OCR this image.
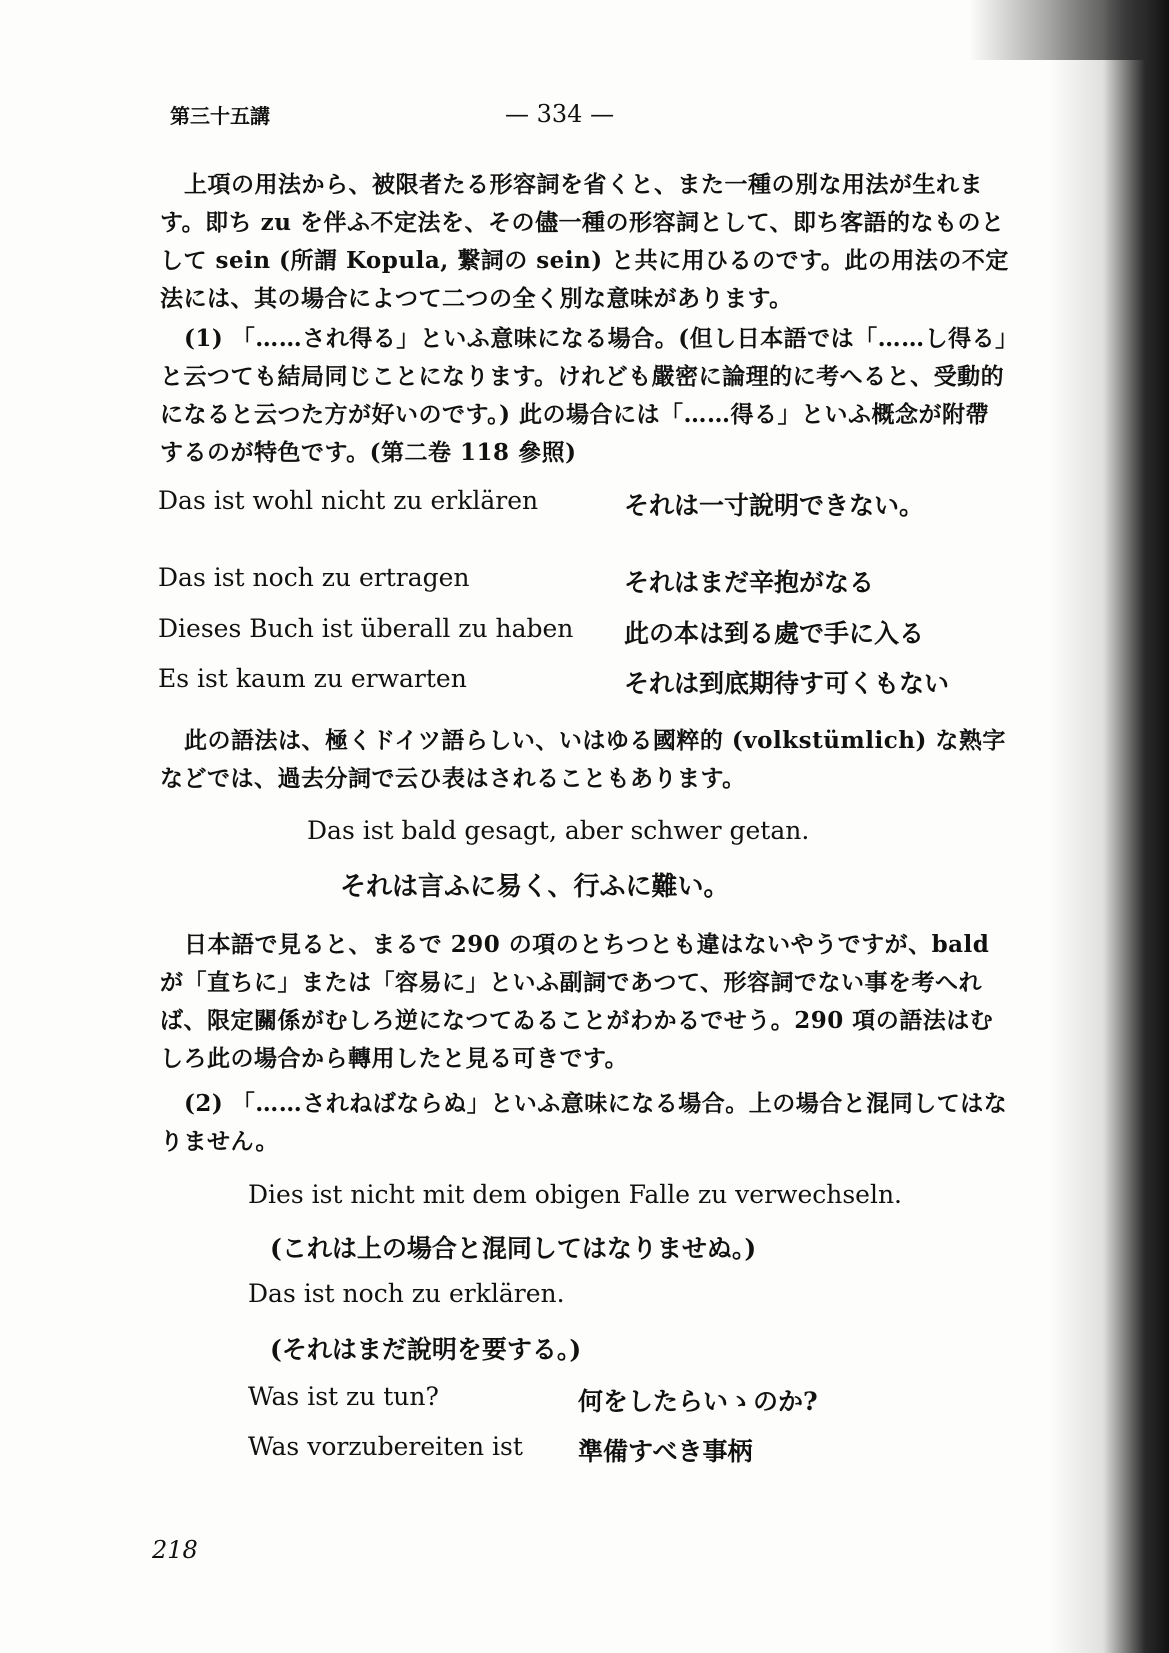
第三十五講	— 334 —
上項の用法から、被限者たる形容詞を省くと、また一種の別な用法が生れます。即ち zu を伴ふ不定法を、その儘一種の形容詞として、即ち客語的なものとして sein (所謂 Kopula, 繋詞の sein) と共に用ひるのです。此の用法の不定法には、其の場合によつて二つの全く別な意味があります。
(1) 「……され得る」といふ意味になる場合。(但し日本語では「……し得る」と云つても結局同じことになります。けれども嚴密に論理的に考へると、受動的になると云つた方が好いのです。) 此の場合には「……得る」といふ概念が附帶するのが特色です。(第二卷 118 參照)
Das ist wohl nicht zu erklären	それは一寸說明できない。
Das ist noch zu ertragen	それはまだ辛抱がなる
Dieses Buch ist überall zu haben 此の本は到る處で手に入る
Es ist kaum zu erwarten	それは到底期待す可くもない
此の語法は、極くドイツ語らしい、いはゆる國粹的 (volkstümlich) な熟字などでは、過去分詞で云ひ表はされることもあります。
Das ist bald gesagt, aber schwer getan.
それは言ふに易く、行ふに難い。
日本語で見ると、まるで 290 の項のとちつとも違はないやうですが、bald が「直ちに」または「容易に」といふ副詞であつて、形容詞でない事を考へれば、限定關係がむしろ逆になつてゐることがわかるでせう。290 項の語法はむしろ此の場合から轉用したと見る可きです。
(2) 「……されねばならぬ」といふ意味になる場合。上の場合と混同してはなりません。
Dies ist nicht mit dem obigen Falle zu verwechseln.
(これは上の場合と混同してはなりませぬ。)
Das ist noch zu erklären.
(それはまだ說明を要する。)
Was ist zu tun?	何をしたらいゝのか?
Was vorzubereiten ist 準備すべき事柄
218
